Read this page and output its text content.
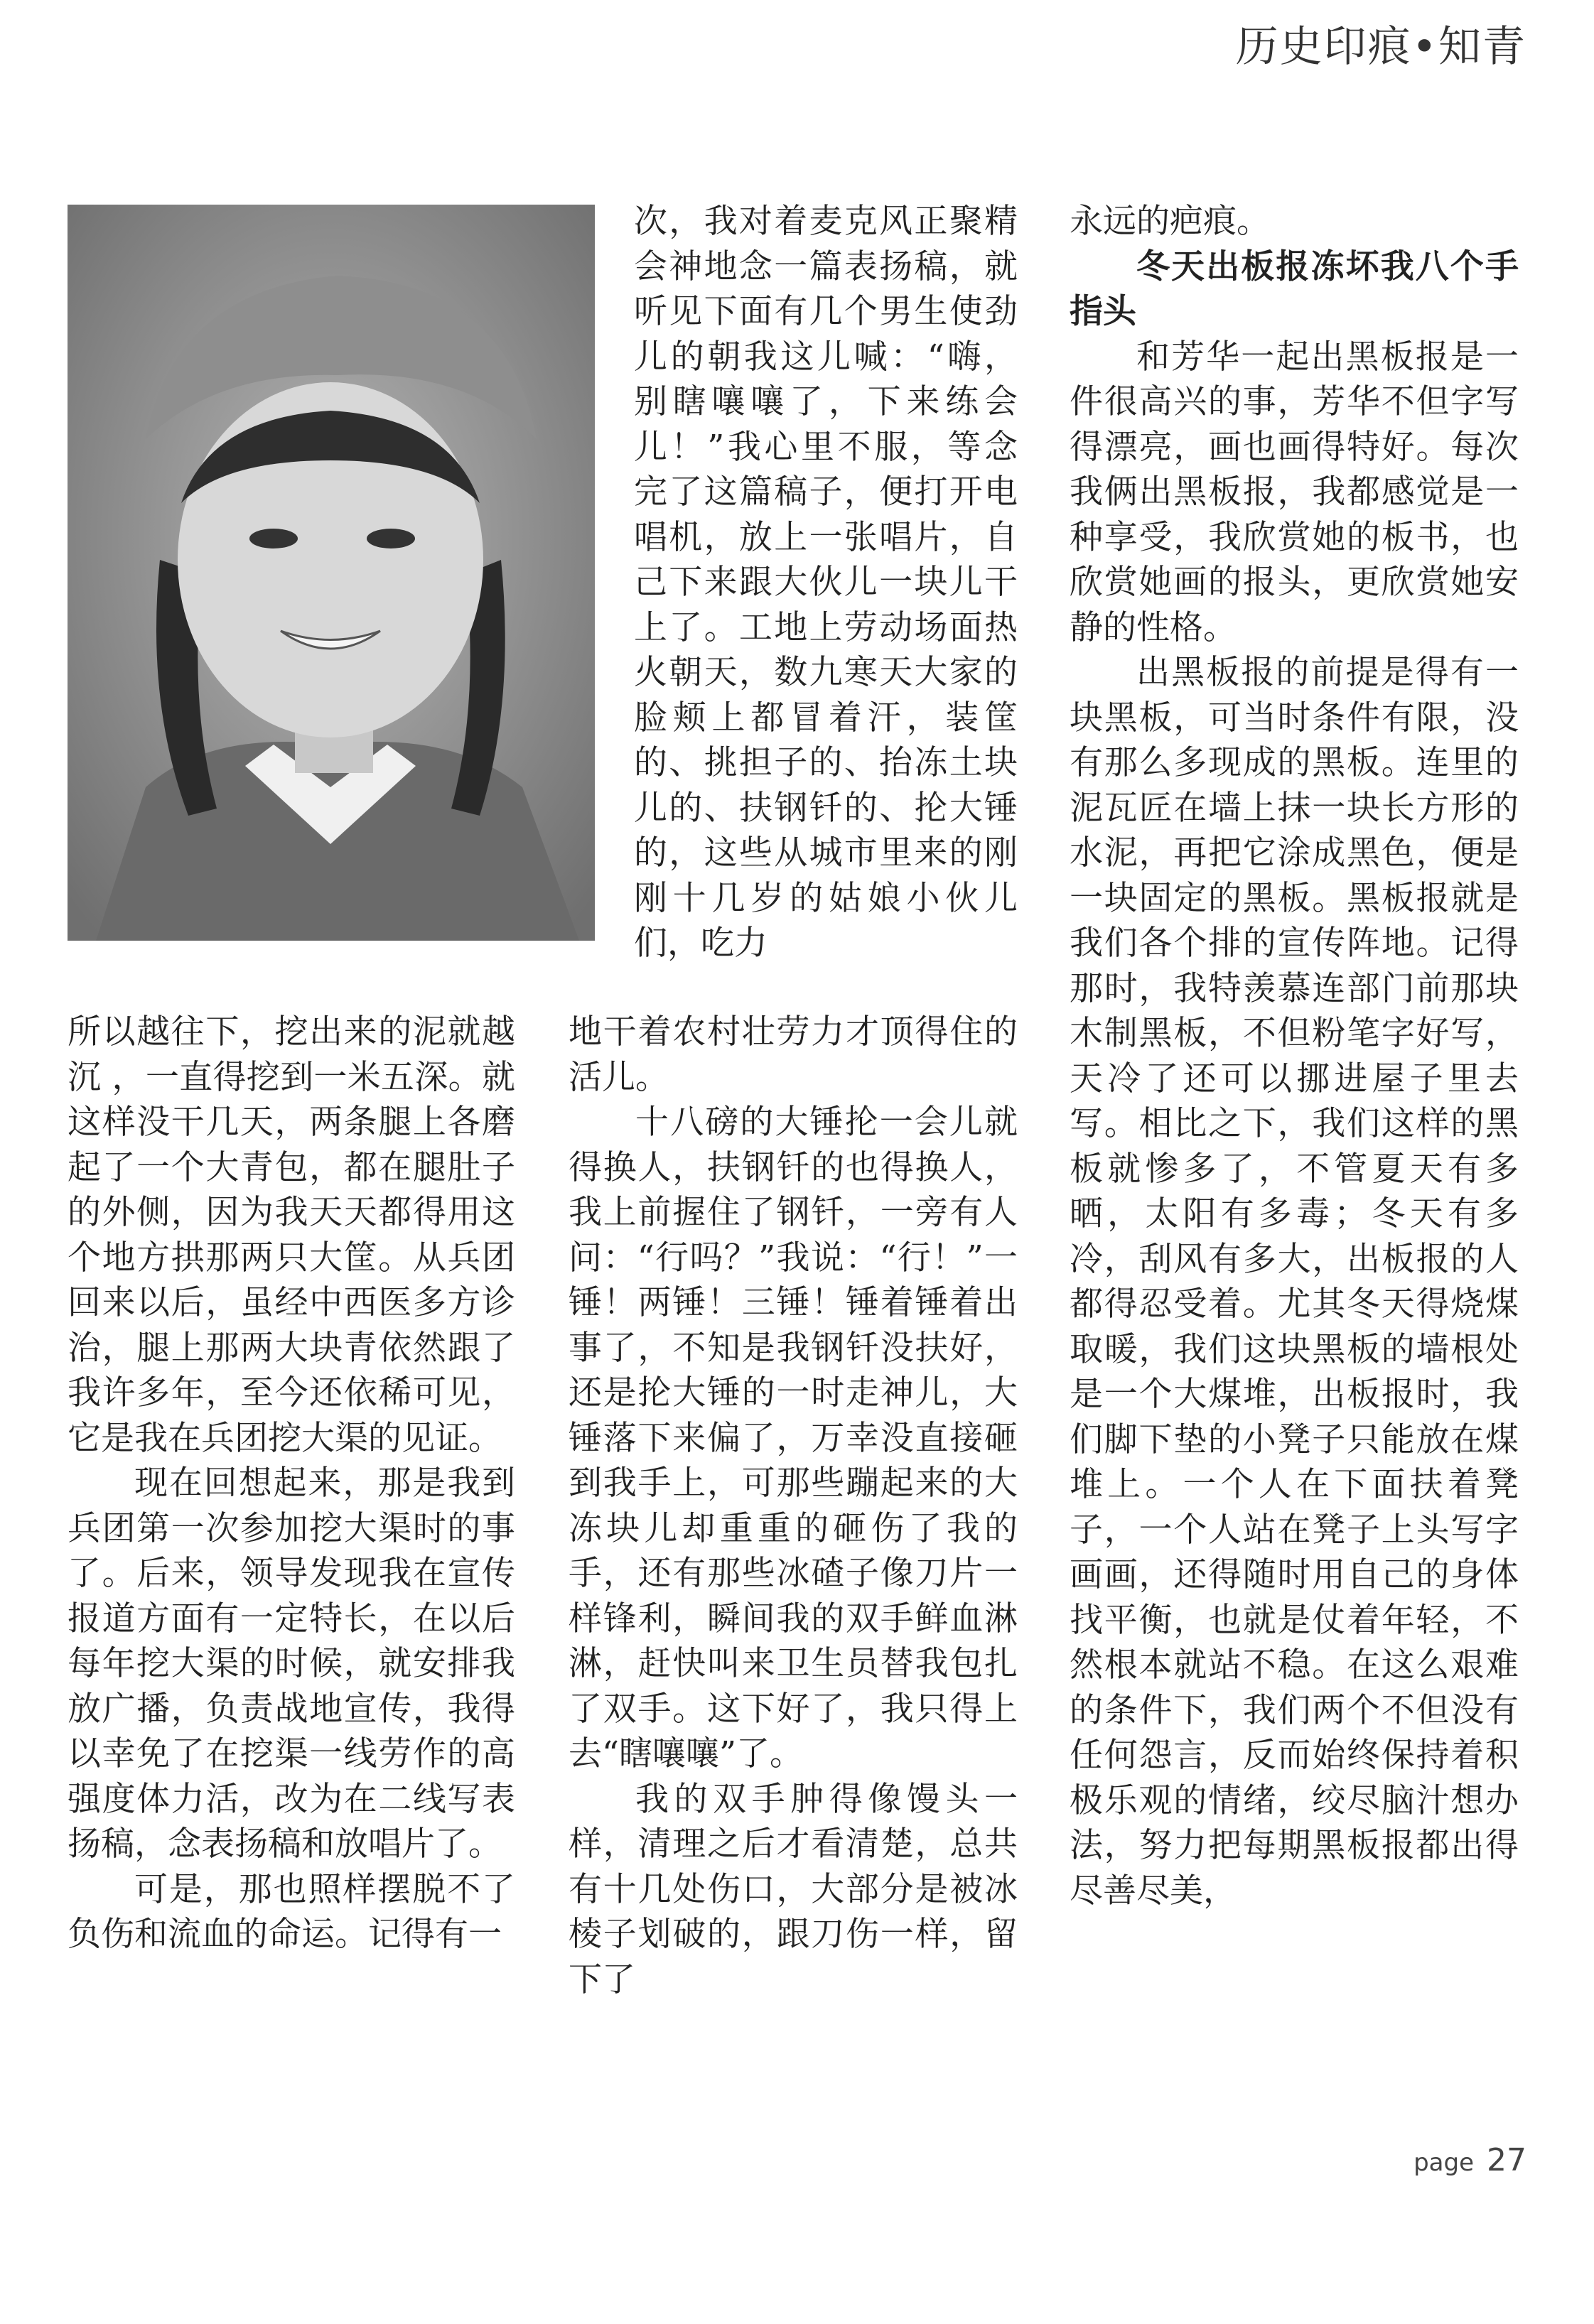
历史印痕•知青

次，我对着麦克风正聚精会神地念一篇表扬稿，就听见下面有几个男生使劲儿的朝我这儿喊：“嗨，别瞎嚷嚷了，下来练会儿！”我心里不服，等念完了这篇稿子，便打开电唱机，放上一张唱片，自己下来跟大伙儿一块儿干上了。工地上劳动场面热火朝天，数九寒天大家的脸颊上都冒着汗，装筐的、挑担子的、抬冻土块儿的、扶钢钎的、抡大锤的，这些从城市里来的刚刚十几岁的姑娘小伙儿们，吃力

所以越往下，挖出来的泥就越沉 ，一直得挖到一米五深。就这样没干几天，两条腿上各磨起了一个大青包，都在腿肚子的外侧，因为我天天都得用这个地方拱那两只大筐。从兵团回来以后，虽经中西医多方诊治，腿上那两大块青依然跟了我许多年，至今还依稀可见，它是我在兵团挖大渠的见证。

现在回想起来，那是我到兵团第一次参加挖大渠时的事了。后来，领导发现我在宣传报道方面有一定特长，在以后每年挖大渠的时候，就安排我放广播，负责战地宣传，我得以幸免了在挖渠一线劳作的高强度体力活，改为在二线写表扬稿，念表扬稿和放唱片了。

可是，那也照样摆脱不了负伤和流血的命运。记得有一

地干着农村壮劳力才顶得住的活儿。

十八磅的大锤抡一会儿就得换人，扶钢钎的也得换人，我上前握住了钢钎，一旁有人问：“行吗？”我说：“行！”一锤！两锤！三锤！锤着锤着出事了，不知是我钢钎没扶好，还是抡大锤的一时走神儿，大锤落下来偏了，万幸没直接砸到我手上，可那些蹦起来的大冻块儿却重重的砸伤了我的手，还有那些冰碴子像刀片一样锋利，瞬间我的双手鲜血淋淋，赶快叫来卫生员替我包扎了双手。这下好了，我只得上去“瞎嚷嚷”了。

我的双手肿得像馒头一样，清理之后才看清楚，总共有十几处伤口，大部分是被冰棱子划破的，跟刀伤一样，留下了

永远的疤痕。

冬天出板报冻坏我八个手指头

和芳华一起出黑板报是一件很高兴的事，芳华不但字写得漂亮，画也画得特好。每次我俩出黑板报，我都感觉是一种享受，我欣赏她的板书，也欣赏她画的报头，更欣赏她安静的性格。

出黑板报的前提是得有一块黑板，可当时条件有限，没有那么多现成的黑板。连里的泥瓦匠在墙上抹一块长方形的水泥，再把它涂成黑色，便是一块固定的黑板。黑板报就是我们各个排的宣传阵地。记得那时，我特羡慕连部门前那块木制黑板，不但粉笔字好写，天冷了还可以挪进屋子里去写。相比之下，我们这样的黑板就惨多了，不管夏天有多晒，太阳有多毒；冬天有多冷，刮风有多大，出板报的人都得忍受着。尤其冬天得烧煤取暖，我们这块黑板的墙根处是一个大煤堆，出板报时，我们脚下垫的小凳子只能放在煤堆上。一个人在下面扶着凳子，一个人站在凳子上头写字画画，还得随时用自己的身体找平衡，也就是仗着年轻，不然根本就站不稳。在这么艰难的条件下，我们两个不但没有任何怨言，反而始终保持着积极乐观的情绪，绞尽脑汁想办法，努力把每期黑板报都出得尽善尽美，

page 27
